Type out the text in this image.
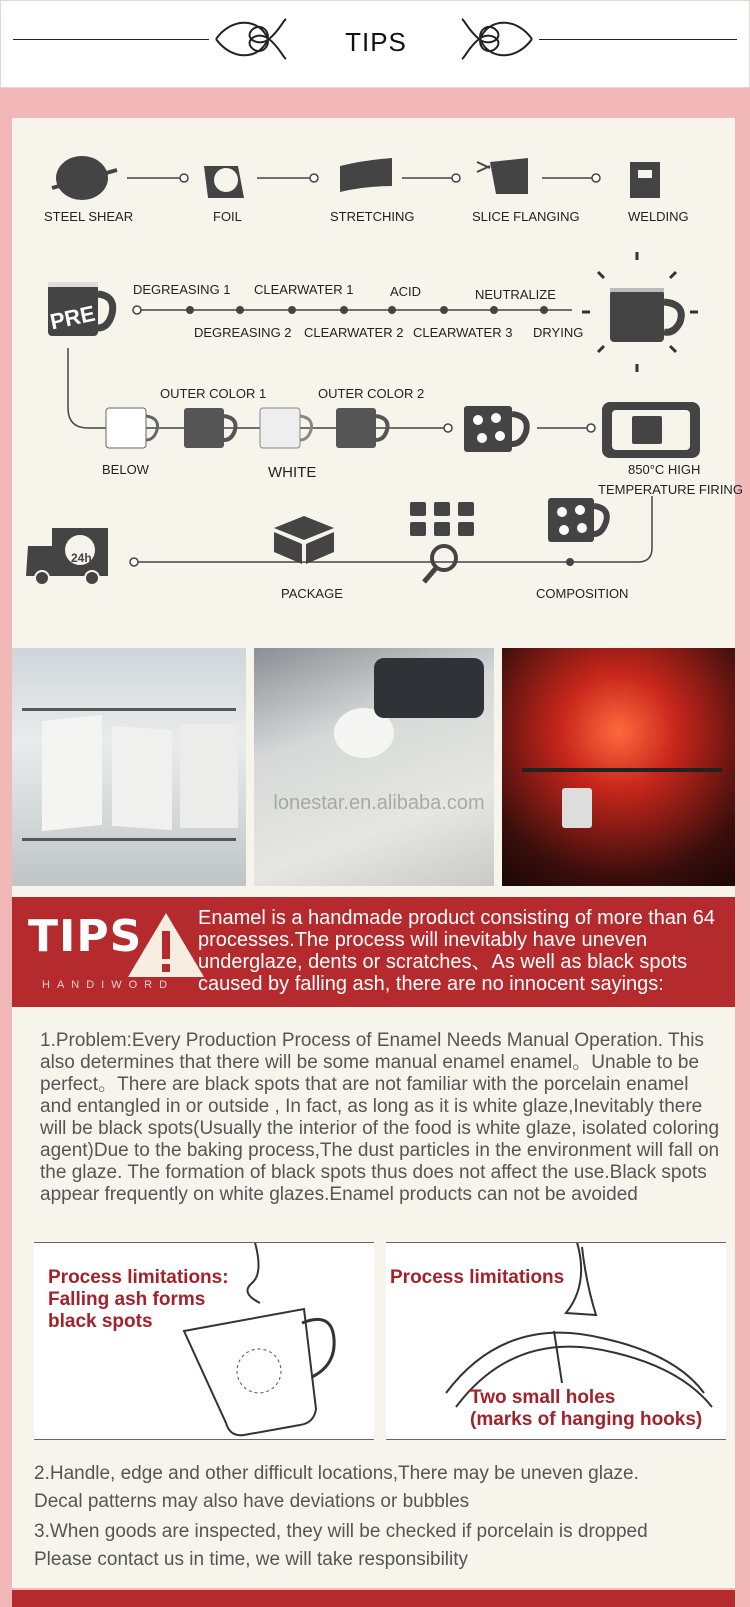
TIPS
STEEL SHEAR	FOIL	STRETCHING	SLICE FLANGING	WELDING
PRE
DEGREASING 1 CLEARWATER 1	ACID	NEUTRALIZE
DEGREASING 2 CLEARWATER 2 CLEARWATER 3 DRYING
OUTER COLOR 1	OUTER COLOR 2
BELOW	WHITE	850°C HIGH
TEMPERATURE FIRING
24h
PACKAGE	COMPOSITION
lonestar.en.alibaba.com
TIPS
HANDIWORD
Enamel is a handmade product consisting of more than 64 processes.The process will inevitably have uneven underglaze, dents or scratches、As well as black spots caused by falling ash, there are no innocent sayings:
1.Problem:Every Production Process of Enamel Needs Manual Operation. This also determines that there will be some manual enamel enamel。Unable to be perfect。There are black spots that are not familiar with the porcelain enamel and entangled in or outside , In fact, as long as it is white glaze,Inevitably there will be black spots(Usually the interior of the food is white glaze, isolated coloring agent)Due to the baking process,The dust particles in the environment will fall on the glaze. The formation of black spots thus does not affect the use.Black spots appear frequently on white glazes.Enamel products can not be avoided
Process limitations:
Falling ash forms
black spots
Process limitations
Two small holes
(marks of hanging hooks)
2.Handle, edge and other difficult locations,There may be uneven glaze.
Decal patterns may also have deviations or bubbles
3.When goods are inspected, they will be checked if porcelain is dropped
Please contact us in time, we will take responsibility
